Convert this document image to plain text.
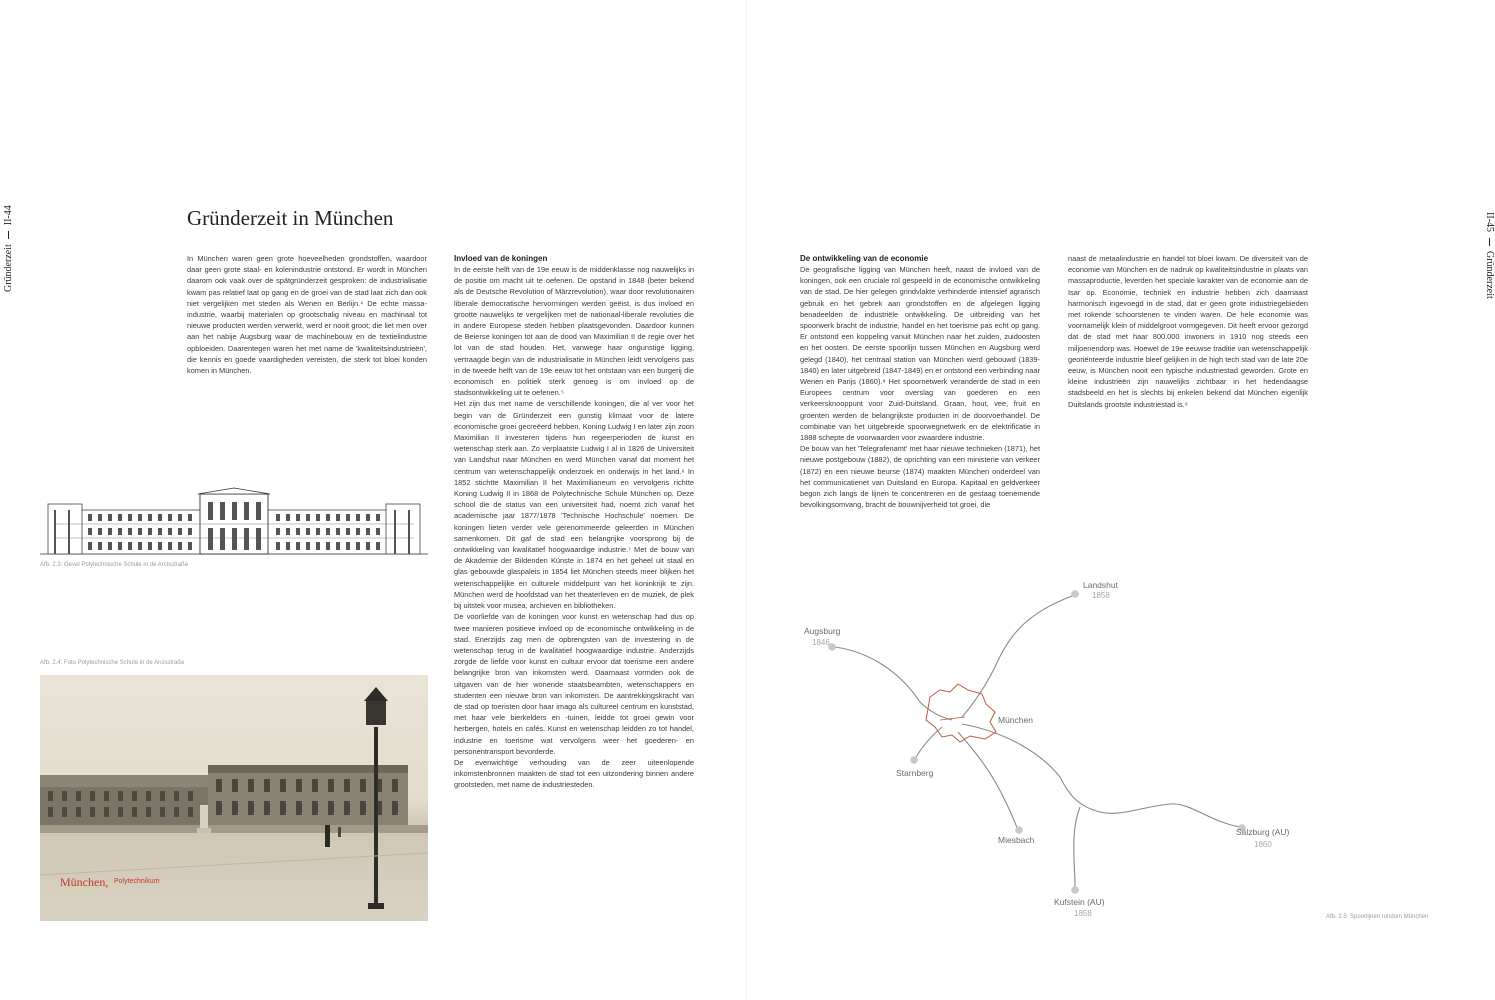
Gründerzeit  II-44	II-45  Gründerzeit
Gründerzeit in München

In München waren geen grote hoeveelheden grondstoffen, waardoor daar geen grote staal- en kolenindustrie ontstond. Er wordt in München daarom ook vaak over de spätgründerzeit gesproken: de industrialisatie kwam pas relatief laat op gang en de groei van de stad laat zich dan ook niet vergelijken met steden als Wenen en Berlijn.⁴ De echte massa-industrie, waarbij materialen op grootschalig niveau en machinaal tot nieuwe producten werden verwerkt, werd er nooit groot; die liet men over aan het nabije Augsburg waar de machinebouw en de textielindustrie opbloeiden. Daarentegen waren het met name de 'kwaliteitsindustrieën', die kennis en goede vaardigheden vereisten, die sterk tot bloei konden komen in München.

Invloed van de koningen

In de eerste helft van de 19e eeuw is de middenklasse nog nauwelijks in de positie om macht uit te oefenen. De opstand in 1848 (beter bekend als de Deutsche Revolution of Märzrevolution), waar door revolutionairen liberale democratische hervormingen werden geëist, is dus invloed en grootte nauwelijks te vergelijken met de nationaal-liberale revoluties die in andere Europese steden hebben plaatsgevonden. Daardoor kunnen de Beierse koningen tot aan de dood van Maximilian II de regie over het lot van de stad houden. Het, vanwege haar ongunstige ligging, vertraagde begin van de industrialisatie in München leidt vervolgens pas in de tweede helft van de 19e eeuw tot het ontstaan van een burgerij die economisch en politiek sterk genoeg is om invloed op de stadsontwikkeling uit te oefenen.⁵

Het zijn dus met name de verschillende koningen, die al ver voor het begin van de Gründerzeit een gunstig klimaat voor de latere economische groei gecreëerd hebben. Koning Ludwig I en later zijn zoon Maximilian II investeren tijdens hun regeerperioden de kunst en wetenschap sterk aan. Zo verplaatste Ludwig I al in 1826 de Universiteit van Landshut naar München en werd München vanaf dat moment het centrum van wetenschappelijk onderzoek en onderwijs in het land.⁶ In 1852 stichtte Maximilian II het Maximilianeum en vervolgens richtte Koning Ludwig II in 1868 de Polytechnische Schule München op. Deze school die de status van een universiteit had, noemt zich vanaf het academische jaar 1877/1878 'Technische Hochschule' noemen. De koningen lieten verder vele gerenommeerde geleerden in München samenkomen. Dit gaf de stad een belangrijke voorsprong bij de ontwikkeling van kwalitatief hoogwaardige industrie.⁷ Met de bouw van de Akademie der Bildenden Künste in 1874 en het geheel uit staal en glas gebouwde glaspaleis in 1854 liet München steeds meer blijken het wetenschappelijke en culturele middelpunt van het koninkrijk te zijn. München werd de hoofdstad van het theaterleven en de muziek, de plek bij uitstek voor musea, archieven en bibliotheken.

De voorliefde van de koningen voor kunst en wetenschap had dus op twee manieren positieve invloed op de economische ontwikkeling in de stad. Enerzijds zag men de opbrengsten van de investering in de wetenschap terug in de kwalitatief hoogwaardige industrie. Anderzijds zorgde de liefde voor kunst en cultuur ervoor dat toerisme een andere belangrijke bron van inkomsten werd. Daarnaast vormden ook de uitgaven van de hier wonende staatsbeambten, wetenschappers en studenten een nieuwe bron van inkomsten. De aantrekkingskracht van de stad op toeristen door haar imago als cultureel centrum en kunststad, met haar vele bierkelders en -tuinen, leidde tot groei gewin voor herbergen, hotels en cafés. Kunst en wetenschap leidden zo tot handel, industrie en toerisme wat vervolgens weer het goederen- en personentransport bevorderde.

De evenwichtige verhouding van de zeer uiteenlopende inkomstenbronnen maakten de stad tot een uitzondering binnen andere grootsteden, met name de industriesteden.

De ontwikkeling van de economie

De geografische ligging van München heeft, naast de invloed van de koningen, ook een cruciale rol gespeeld in de economische ontwikkeling van de stad. De hier gelegen grindvlakte verhinderde intensief agrarisch gebruik en het gebrek aan grondstoffen en de afgelegen ligging benadeelden de industriële ontwikkeling. De uitbreiding van het spoorwerk bracht de industrie, handel en het toerisme pas echt op gang. Er ontstond een koppeling vanuit München naar het zuiden, zuidoosten en het oosten. De eerste spoorlijn tussen München en Augsburg werd gelegd (1840), het centraal station van München werd gebouwd (1839-1840) en later uitgebreid (1847-1849) en er ontstond een verbinding naar Wenen en Parijs (1860).⁸ Het spoornetwerk veranderde de stad in een Europees centrum voor overslag van goederen en een verkeersknooppunt voor Zuid-Duitsland. Graan, hout, vee, fruit en groenten werden de belangrijkste producten in de doorvoerhandel. De combinatie van het uitgebreide spoorwegnetwerk en de elektrificatie in 1888 schepte de voorwaarden voor zwaardere industrie.

De bouw van het 'Telegrafenamt' met haar nieuwe technieken (1871), het nieuwe postgebouw (1882), de oprichting van een ministerie van verkeer (1872) en een nieuwe beurse (1874) maakten München onderdeel van het communicatienet van Duitsland en Europa. Kapitaal en geldverkeer begon zich langs de lijnen te concentreren en de gestaag toenemende bevolkingsomvang, bracht de bouwnijverheid tot groei, die

naast de metaalindustrie en handel tot bloei kwam. De diversiteit van de economie van München en de nadruk op kwaliteitsindustrie in plaats van massaproductie, leverden het speciale karakter van de economie aan de Isar op. Economie, techniek en industrie hebben zich daarnaast harmonisch ingevoegd in de stad, dat er geen grote industriegebieden met rokende schoorstenen te vinden waren. De hele economie was voornamelijk klein of middelgroot vormgegeven. Dit heeft ervoor gezorgd dat de stad met haar 800.000 inwoners in 1910 nog steeds een miljoenendorp was. Hoewel de 19e eeuwse traditie van wetenschappelijk georiënteerde industrie bleef gelijken in de high tech stad van de late 20e eeuw, is München nooit een typische industriestad geworden. Grote en kleine industrieën zijn nauwelijks zichtbaar in het hedendaagse stadsbeeld en het is slechts bij enkelen bekend dat München eigenlijk Duitslands grootste industriestad is.⁹

Afb. 2.3: Gevel Polytechnische Schule in de Arcisstraße
Afb. 2.4: Foto Polytechnische Schule in de Arcisstraße
München, Polytechnikum
Landshut
1858
Augsburg
1846
München
Starnberg
Miesbach
Salzburg (AU)
1860
Kufstein (AU)
1858	Afb. 2.5: Spoorlijnen rondom München
